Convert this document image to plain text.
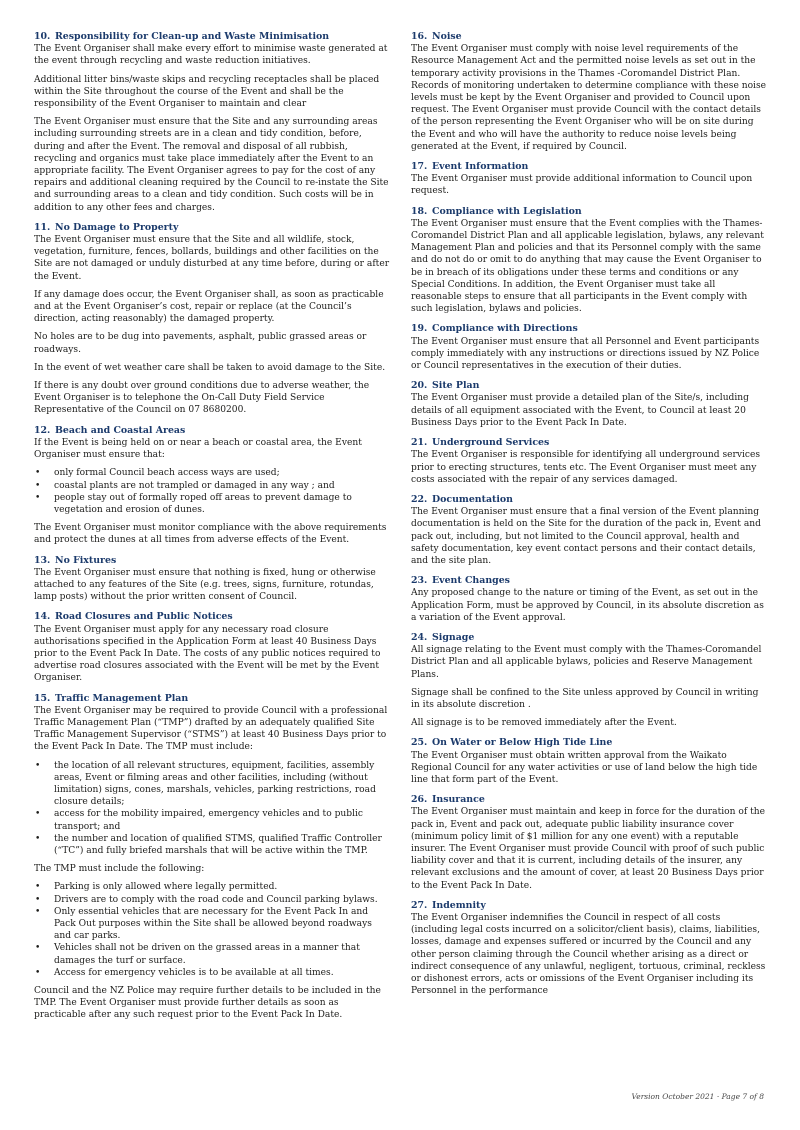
10. Responsibility for Clean-up and Waste Minimisation

The Event Organiser shall make every effort to minimise waste generated at the event through recycling and waste reduction initiatives.

Additional litter bins/waste skips and recycling receptacles shall be placed within the Site throughout the course of the Event and shall be the responsibility of the Event Organiser to maintain and clear

The Event Organiser must ensure that the Site and any surrounding areas including surrounding streets are in a clean and tidy condition, before, during and after the Event. The removal and disposal of all rubbish, recycling and organics must take place immediately after the Event to an appropriate facility. The Event Organiser agrees to pay for the cost of any repairs and additional cleaning required by the Council to re-instate the Site and surrounding areas to a clean and tidy condition. Such costs will be in addition to any other fees and charges.

11. No Damage to Property

The Event Organiser must ensure that the Site and all wildlife, stock, vegetation, furniture, fences, bollards, buildings and other facilities on the Site are not damaged or unduly disturbed at any time before, during or after the Event.

If any damage does occur, the Event Organiser shall, as soon as practicable and at the Event Organiser’s cost, repair or replace (at the Council’s direction, acting reasonably) the damaged property.

No holes are to be dug into pavements, asphalt, public grassed areas or roadways.

In the event of wet weather care shall be taken to avoid damage to the Site.

If there is any doubt over ground conditions due to adverse weather, the Event Organiser is to telephone the On-Call Duty Field Service Representative of the Council on 07 8680200.

12. Beach and Coastal Areas

If the Event is being held on or near a beach or coastal area, the Event Organiser must ensure that:

• only formal Council beach access ways are used;
• coastal plants are not trampled or damaged in any way ; and
• people stay out of formally roped off areas to prevent damage to vegetation and erosion of dunes.

The Event Organiser must monitor compliance with the above requirements and protect the dunes at all times from adverse effects of the Event.

13. No Fixtures

The Event Organiser must ensure that nothing is fixed, hung or otherwise attached to any features of the Site (e.g. trees, signs, furniture, rotundas, lamp posts) without the prior written consent of Council.

14. Road Closures and Public Notices

The Event Organiser must apply for any necessary road closure authorisations specified in the Application Form at least 40 Business Days prior to the Event Pack In Date. The costs of any public notices required to advertise road closures associated with the Event will be met by the Event Organiser.

15. Traffic Management Plan

The Event Organiser may be required to provide Council with a professional Traffic Management Plan (“TMP”) drafted by an adequately qualified Site Traffic Management Supervisor (“STMS”) at least 40 Business Days prior to the Event Pack In Date. The TMP must include:

• the location of all relevant structures, equipment, facilities, assembly areas, Event or filming areas and other facilities, including (without limitation) signs, cones, marshals, vehicles, parking restrictions, road closure details;
• access for the mobility impaired, emergency vehicles and to public transport; and
• the number and location of qualified STMS, qualified Traffic Controller (“TC”) and fully briefed marshals that will be active within the TMP.

The TMP must include the following:

• Parking is only allowed where legally permitted.
• Drivers are to comply with the road code and Council parking bylaws.
• Only essential vehicles that are necessary for the Event Pack In and Pack Out purposes within the Site shall be allowed beyond roadways and car parks.
• Vehicles shall not be driven on the grassed areas in a manner that damages the turf or surface.
• Access for emergency vehicles is to be available at all times.

Council and the NZ Police may require further details to be included in the TMP. The Event Organiser must provide further details as soon as practicable after any such request prior to the Event Pack In Date.

16. Noise

The Event Organiser must comply with noise level requirements of the Resource Management Act and the permitted noise levels as set out in the temporary activity provisions in the Thames -Coromandel District Plan. Records of monitoring undertaken to determine compliance with these noise levels must be kept by the Event Organiser and provided to Council upon request. The Event Organiser must provide Council with the contact details of the person representing the Event Organiser who will be on site during the Event and who will have the authority to reduce noise levels being generated at the Event, if required by Council.

17. Event Information

The Event Organiser must provide additional information to Council upon request.

18. Compliance with Legislation

The Event Organiser must ensure that the Event complies with the Thames-Coromandel District Plan and all applicable legislation, bylaws, any relevant Management Plan and policies and that its Personnel comply with the same and do not do or omit to do anything that may cause the Event Organiser to be in breach of its obligations under these terms and conditions or any Special Conditions. In addition, the Event Organiser must take all reasonable steps to ensure that all participants in the Event comply with such legislation, bylaws and policies.

19. Compliance with Directions

The Event Organiser must ensure that all Personnel and Event participants comply immediately with any instructions or directions issued by NZ Police or Council representatives in the execution of their duties.

20. Site Plan

The Event Organiser must provide a detailed plan of the Site/s, including details of all equipment associated with the Event, to Council at least 20 Business Days prior to the Event Pack In Date.

21. Underground Services

The Event Organiser is responsible for identifying all underground services prior to erecting structures, tents etc. The Event Organiser must meet any costs associated with the repair of any services damaged.

22. Documentation

The Event Organiser must ensure that a final version of the Event planning documentation is held on the Site for the duration of the pack in, Event and pack out, including, but not limited to the Council approval, health and safety documentation, key event contact persons and their contact details, and the site plan.

23. Event Changes

Any proposed change to the nature or timing of the Event, as set out in the Application Form, must be approved by Council, in its absolute discretion as a variation of the Event approval.

24. Signage

All signage relating to the Event must comply with the Thames-Coromandel District Plan and all applicable bylaws, policies and Reserve Management Plans.

Signage shall be confined to the Site unless approved by Council in writing in its absolute discretion .

All signage is to be removed immediately after the Event.

25. On Water or Below High Tide Line

The Event Organiser must obtain written approval from the Waikato Regional Council for any water activities or use of land below the high tide line that form part of the Event.

26. Insurance

The Event Organiser must maintain and keep in force for the duration of the pack in, Event and pack out, adequate public liability insurance cover (minimum policy limit of $1 million for any one event) with a reputable insurer. The Event Organiser must provide Council with proof of such public liability cover and that it is current, including details of the insurer, any relevant exclusions and the amount of cover, at least 20 Business Days prior to the Event Pack In Date.

27. Indemnity

The Event Organiser indemnifies the Council in respect of all costs (including legal costs incurred on a solicitor/client basis), claims, liabilities, losses, damage and expenses suffered or incurred by the Council and any other person claiming through the Council whether arising as a direct or indirect consequence of any unlawful, negligent, tortuous, criminal, reckless or dishonest errors, acts or omissions of the Event Organiser including its Personnel in the performance

Version October 2021 · Page 7 of 8
